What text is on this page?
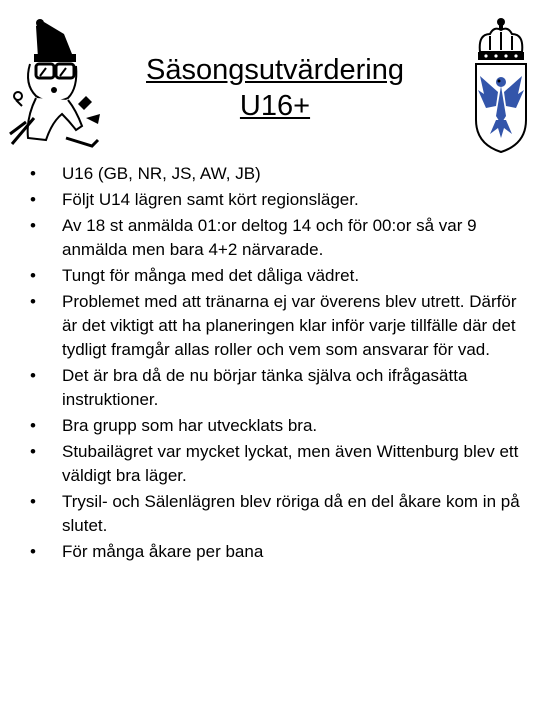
Säsongsutvärdering
U16+
• U16 (GB, NR, JS, AW, JB)
• Följt U14 lägren samt kört regionsläger.
• Av 18 st anmälda 01:or deltog 14 och för 00:or så var 9 anmälda men bara 4+2 närvarade.
• Tungt för många med det dåliga vädret.
• Problemet med att tränarna ej var överens blev utrett. Därför är det viktigt att ha planeringen klar inför varje tillfälle där det tydligt framgår allas roller och vem som ansvarar för vad.
• Det är bra då de nu börjar tänka själva och ifrågasätta instruktioner.
• Bra grupp som har utvecklats bra.
• Stubailägret var mycket lyckat, men även Wittenburg blev ett väldigt bra läger.
• Trysil- och Sälenlägren blev röriga då en del åkare kom in på slutet.
• För många åkare per bana
